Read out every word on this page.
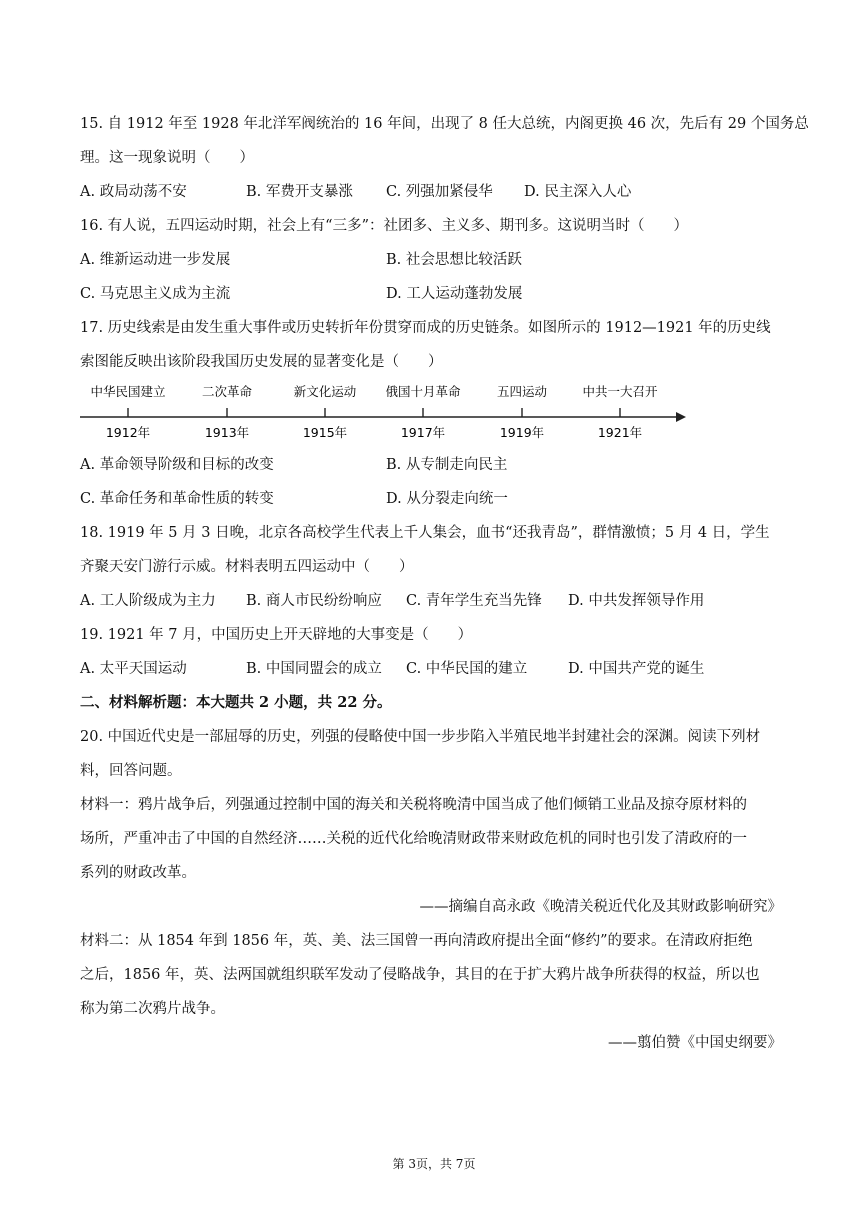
15. 自 1912 年至 1928 年北洋军阀统治的 16 年间，出现了 8 任大总统，内阁更换 46 次，先后有 29 个国务总
理。这一现象说明（　　）
A. 政局动荡不安	B. 军费开支暴涨 C. 列强加紧侵华 D. 民主深入人心
16. 有人说，五四运动时期，社会上有“三多”：社团多、主义多、期刊多。这说明当时（　　）
A. 维新运动进一步发展	B. 社会思想比较活跃
C. 马克思主义成为主流	D. 工人运动蓬勃发展
17. 历史线索是由发生重大事件或历史转折年份贯穿而成的历史链条。如图所示的 1912—1921 年的历史线
索图能反映出该阶段我国历史发展的显著变化是（　　）
中华民国建立	二次革命	新文化运动 俄国十月革命	五四运动	中共一大召开
1912年	1913年	1915年	1917年	1919年	1921年
A. 革命领导阶级和目标的改变	B. 从专制走向民主
C. 革命任务和革命性质的转变	D. 从分裂走向统一
18. 1919 年 5 月 3 日晚，北京各高校学生代表上千人集会，血书“还我青岛”，群情激愤；5 月 4 日，学生
齐聚天安门游行示威。材料表明五四运动中（　　）
A. 工人阶级成为主力 B. 商人市民纷纷响应 C. 青年学生充当先锋 D. 中共发挥领导作用
19. 1921 年 7 月，中国历史上开天辟地的大事变是（　　）
A. 太平天国运动	B. 中国同盟会的成立 C. 中华民国的建立	D. 中国共产党的诞生
二、材料解析题：本大题共 2 小题，共 22 分。
20. 中国近代史是一部屈辱的历史，列强的侵略使中国一步步陷入半殖民地半封建社会的深渊。阅读下列材
料，回答问题。
材料一：鸦片战争后，列强通过控制中国的海关和关税将晚清中国当成了他们倾销工业品及掠夺原材料的
场所，严重冲击了中国的自然经济……关税的近代化给晚清财政带来财政危机的同时也引发了清政府的一
系列的财政改革。
——摘编自高永政《晚清关税近代化及其财政影响研究》
材料二：从 1854 年到 1856 年，英、美、法三国曾一再向清政府提出全面“修约”的要求。在清政府拒绝
之后，1856 年，英、法两国就组织联军发动了侵略战争，其目的在于扩大鸦片战争所获得的权益，所以也
称为第二次鸦片战争。
——翦伯赞《中国史纲要》
第 3页，共 7页
